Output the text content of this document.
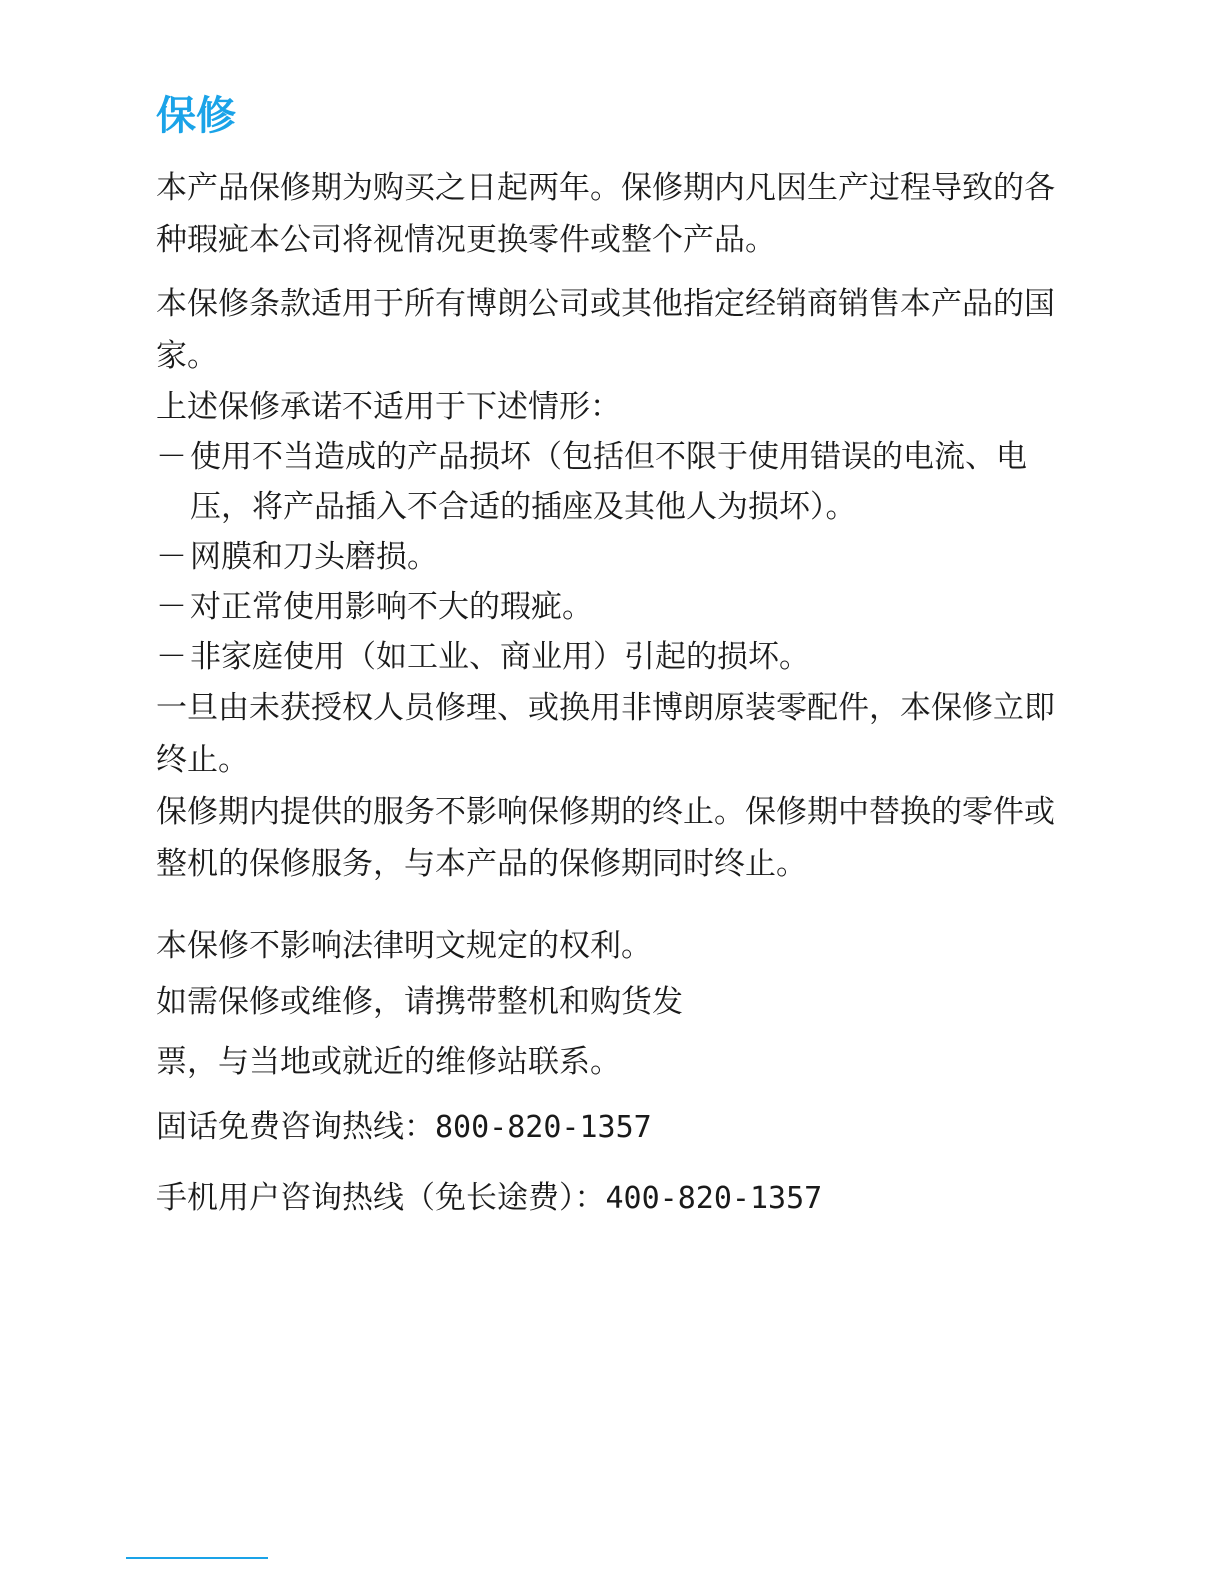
保修

本产品保修期为购买之日起两年。保修期内凡因生产过程导致的各种瑕疵本公司将视情况更换零件或整个产品。

本保修条款适用于所有博朗公司或其他指定经销商销售本产品的国家。

上述保修承诺不适用于下述情形：

－使用不当造成的产品损坏（包括但不限于使用错误的电流、电压，将产品插入不合适的插座及其他人为损坏）。

－网膜和刀头磨损。

－对正常使用影响不大的瑕疵。

－非家庭使用（如工业、商业用）引起的损坏。

一旦由未获授权人员修理、或换用非博朗原装零配件，本保修立即终止。

保修期内提供的服务不影响保修期的终止。保修期中替换的零件或整机的保修服务，与本产品的保修期同时终止。

本保修不影响法律明文规定的权利。

如需保修或维修，请携带整机和购货发

票，与当地或就近的维修站联系。

固话免费咨询热线：800-820-1357

手机用户咨询热线（免长途费）：400-820-1357
